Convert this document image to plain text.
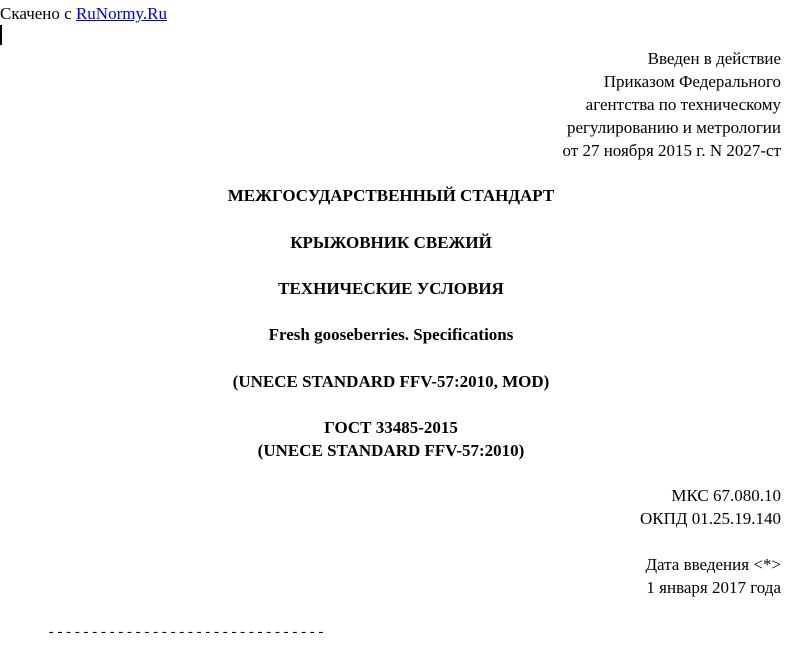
Скачено с RuNormy.Ru
Введен в действие
Приказом Федерального
агентства по техническому
регулированию и метрологии
от 27 ноября 2015 г. N 2027-ст
МЕЖГОСУДАРСТВЕННЫЙ СТАНДАРТ
КРЫЖОВНИК СВЕЖИЙ
ТЕХНИЧЕСКИЕ УСЛОВИЯ
Fresh gooseberries. Specifications
(UNECE STANDARD FFV-57:2010, MOD)
ГОСТ 33485-2015
(UNECE STANDARD FFV-57:2010)
МКС 67.080.10
ОКПД 01.25.19.140
Дата введения <*>
1 января 2017 года
--------------------------------
